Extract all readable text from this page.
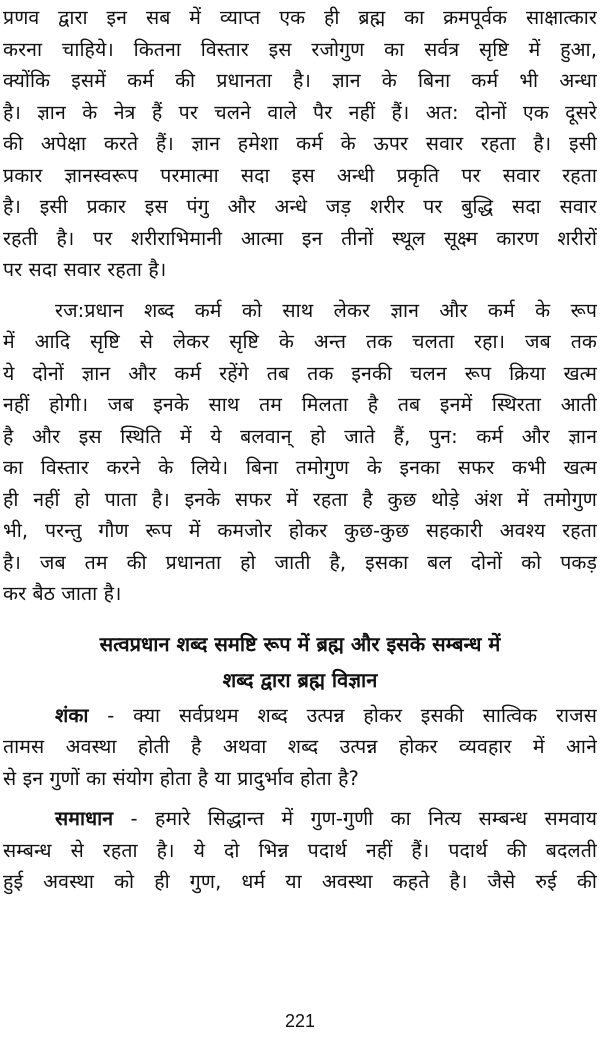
प्रणव द्वारा इन सब में व्याप्त एक ही ब्रह्म का क्रमपूर्वक साक्षात्कार
करना चाहिये। कितना विस्तार इस रजोगुण का सर्वत्र सृष्टि में हुआ,
क्योंकि इसमें कर्म की प्रधानता है। ज्ञान के बिना कर्म भी अन्धा
है। ज्ञान के नेत्र हैं पर चलने वाले पैर नहीं हैं। अत: दोनों एक दूसरे
की अपेक्षा करते हैं। ज्ञान हमेशा कर्म के ऊपर सवार रहता है। इसी
प्रकार ज्ञानस्वरूप परमात्मा सदा इस अन्धी प्रकृति पर सवार रहता
है। इसी प्रकार इस पंगु और अन्धे जड़ शरीर पर बुद्धि सदा सवार
रहती है। पर शरीराभिमानी आत्मा इन तीनों स्थूल सूक्ष्म कारण शरीरों
पर सदा सवार रहता है।
रज:प्रधान शब्द कर्म को साथ लेकर ज्ञान और कर्म के रूप
में आदि सृष्टि से लेकर सृष्टि के अन्त तक चलता रहा। जब तक
ये दोनों ज्ञान और कर्म रहेंगे तब तक इनकी चलन रूप क्रिया खत्म
नहीं होगी। जब इनके साथ तम मिलता है तब इनमें स्थिरता आती
है और इस स्थिति में ये बलवान् हो जाते हैं, पुन: कर्म और ज्ञान
का विस्तार करने के लिये। बिना तमोगुण के इनका सफर कभी खत्म
ही नहीं हो पाता है। इनके सफर में रहता है कुछ थोड़े अंश में तमोगुण
भी, परन्तु गौण रूप में कमजोर होकर कुछ-कुछ सहकारी अवश्य रहता
है। जब तम की प्रधानता हो जाती है, इसका बल दोनों को पकड़
कर बैठ जाता है।
सत्वप्रधान शब्द समष्टि रूप में ब्रह्म और इसके सम्बन्ध में
शब्द द्वारा ब्रह्म विज्ञान
शंका - क्या सर्वप्रथम शब्द उत्पन्न होकर इसकी सात्विक राजस
तामस अवस्था होती है अथवा शब्द उत्पन्न होकर व्यवहार में आने
से इन गुणों का संयोग होता है या प्रादुर्भाव होता है?
समाधान - हमारे सिद्धान्त में गुण-गुणी का नित्य सम्बन्ध समवाय
सम्बन्ध से रहता है। ये दो भिन्न पदार्थ नहीं हैं। पदार्थ की बदलती
हुई अवस्था को ही गुण, धर्म या अवस्था कहते है। जैसे रुई की
221
